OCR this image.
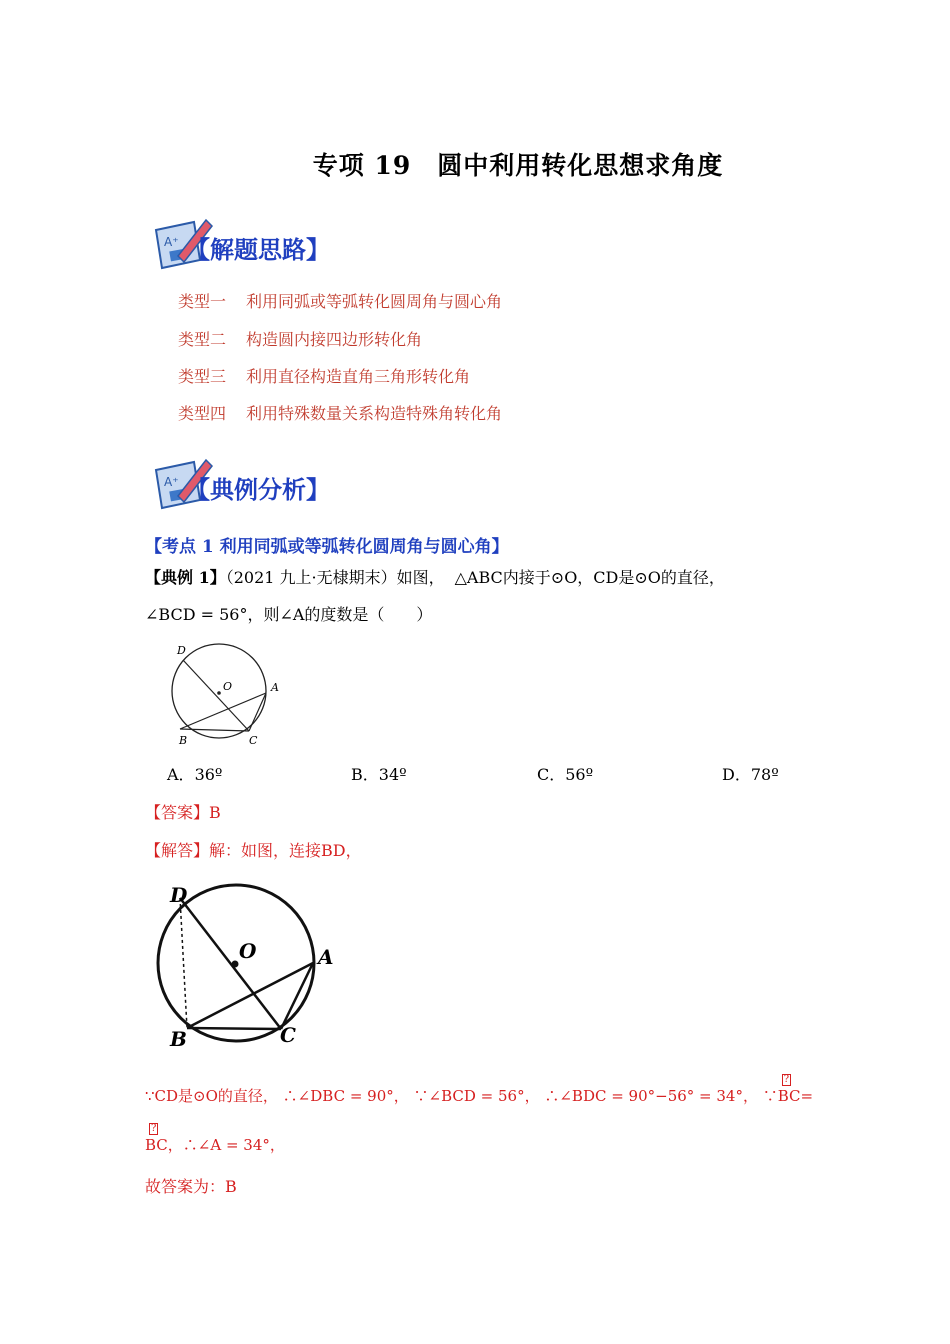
专项 19　圆中利用转化思想求角度
A⁺ 【解题思路】
类型一 利用同弧或等弧转化圆周角与圆心角
类型二 构造圆内接四边形转化角
类型三 利用直径构造直角三角形转化角
类型四 利用特殊数量关系构造特殊角转化角
A⁺ 【典例分析】
【考点 1 利用同弧或等弧转化圆周角与圆心角】
【典例 1】（2021 九上·无棣期末）如图， △ABC内接于⊙O，CD是⊙O的直径，
∠BCD = 56°，则∠A的度数是（　　）
D
O	A
B	C
A．36º	B．34º	C．56º	D．78º
【答案】B
【解答】解：如图，连接BD，
D
O	A
B	C
∵CD是⊙O的直径， ∴∠DBC = 90°， ∵∠BCD = 56°， ∴∠BDC = 90°−56° = 34°， ∵
?
BC=
?
BC，∴∠A = 34°，
故答案为：B
